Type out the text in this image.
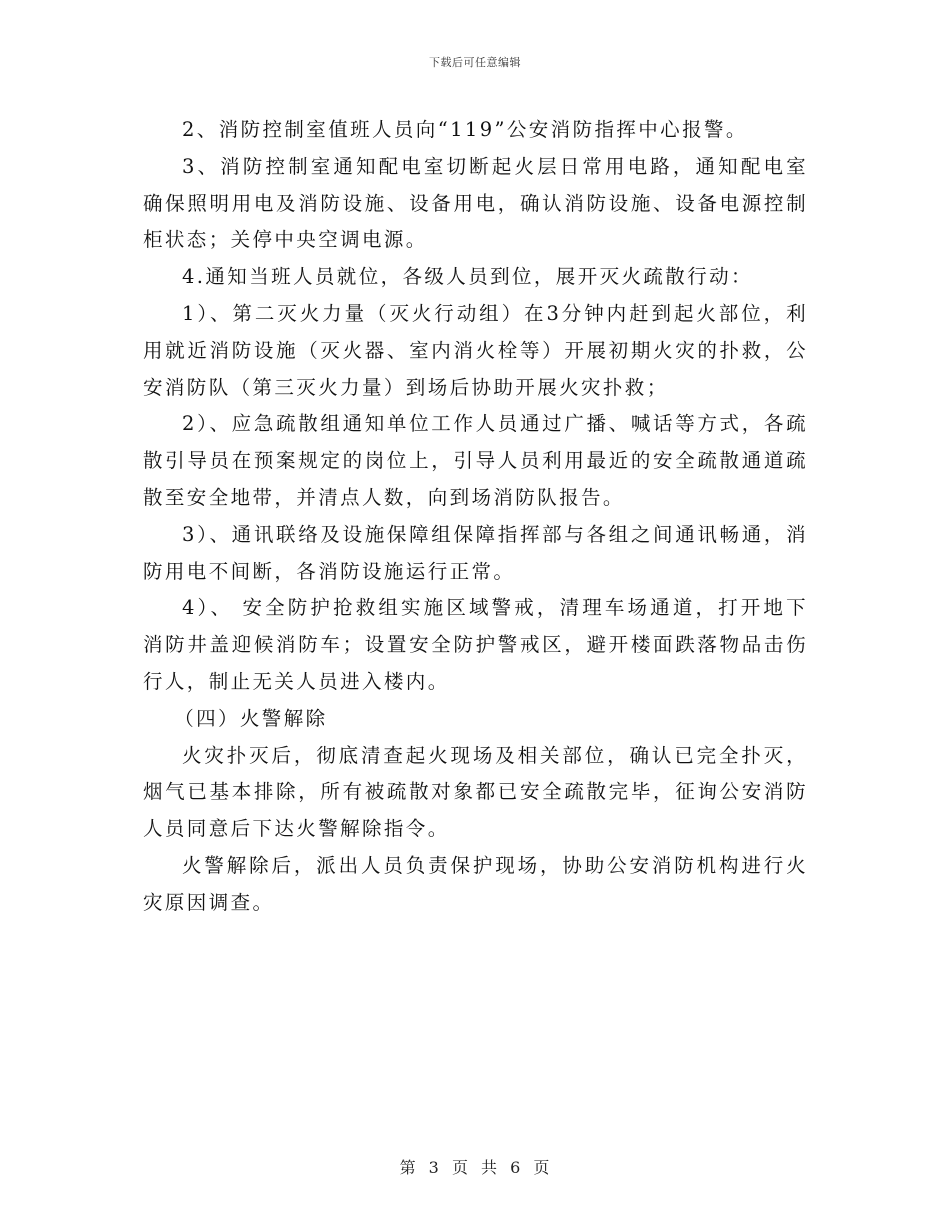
下载后可任意编辑

2、消防控制室值班人员向“119”公安消防指挥中心报警。

3、消防控制室通知配电室切断起火层日常用电路，通知配电室确保照明用电及消防设施、设备用电，确认消防设施、设备电源控制柜状态；关停中央空调电源。

4.通知当班人员就位，各级人员到位，展开灭火疏散行动：

1）、第二灭火力量（灭火行动组）在3分钟内赶到起火部位，利用就近消防设施（灭火器、室内消火栓等）开展初期火灾的扑救，公安消防队（第三灭火力量）到场后协助开展火灾扑救；

2）、应急疏散组通知单位工作人员通过广播、喊话等方式，各疏散引导员在预案规定的岗位上，引导人员利用最近的安全疏散通道疏散至安全地带，并清点人数，向到场消防队报告。

3）、通讯联络及设施保障组保障指挥部与各组之间通讯畅通，消防用电不间断，各消防设施运行正常。

4）、 安全防护抢救组实施区域警戒，清理车场通道，打开地下消防井盖迎候消防车；设置安全防护警戒区，避开楼面跌落物品击伤行人，制止无关人员进入楼内。

（四）火警解除

火灾扑灭后，彻底清查起火现场及相关部位，确认已完全扑灭，烟气已基本排除，所有被疏散对象都已安全疏散完毕，征询公安消防人员同意后下达火警解除指令。

火警解除后，派出人员负责保护现场，协助公安消防机构进行火灾原因调查。

第 3 页 共 6 页
